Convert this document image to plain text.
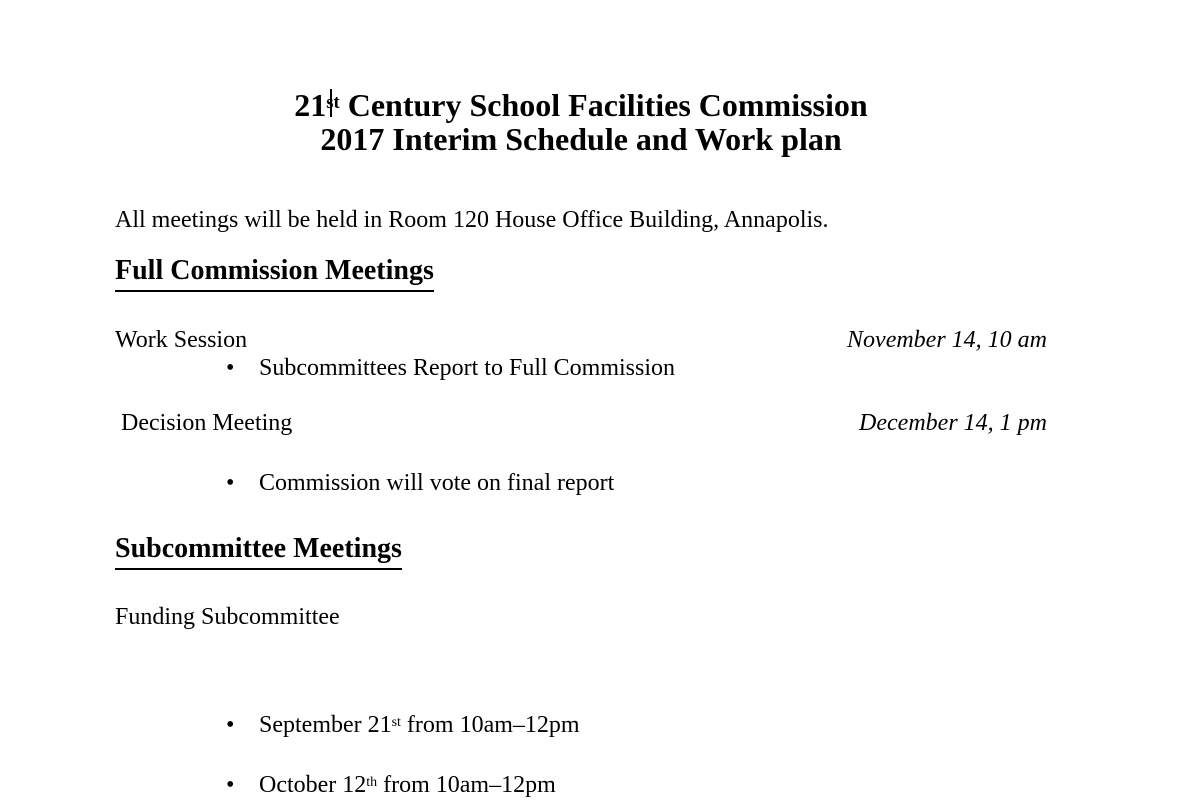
21st Century School Facilities Commission
2017 Interim Schedule and Work plan
All meetings will be held in Room 120 House Office Building, Annapolis.
Full Commission Meetings
Work Session	November 14, 10 am
• Subcommittees Report to Full Commission
Decision Meeting	December 14, 1 pm
• Commission will vote on final report
Subcommittee Meetings
Funding Subcommittee
• September 21st from 10am–12pm
• October 12th from 10am–12pm
